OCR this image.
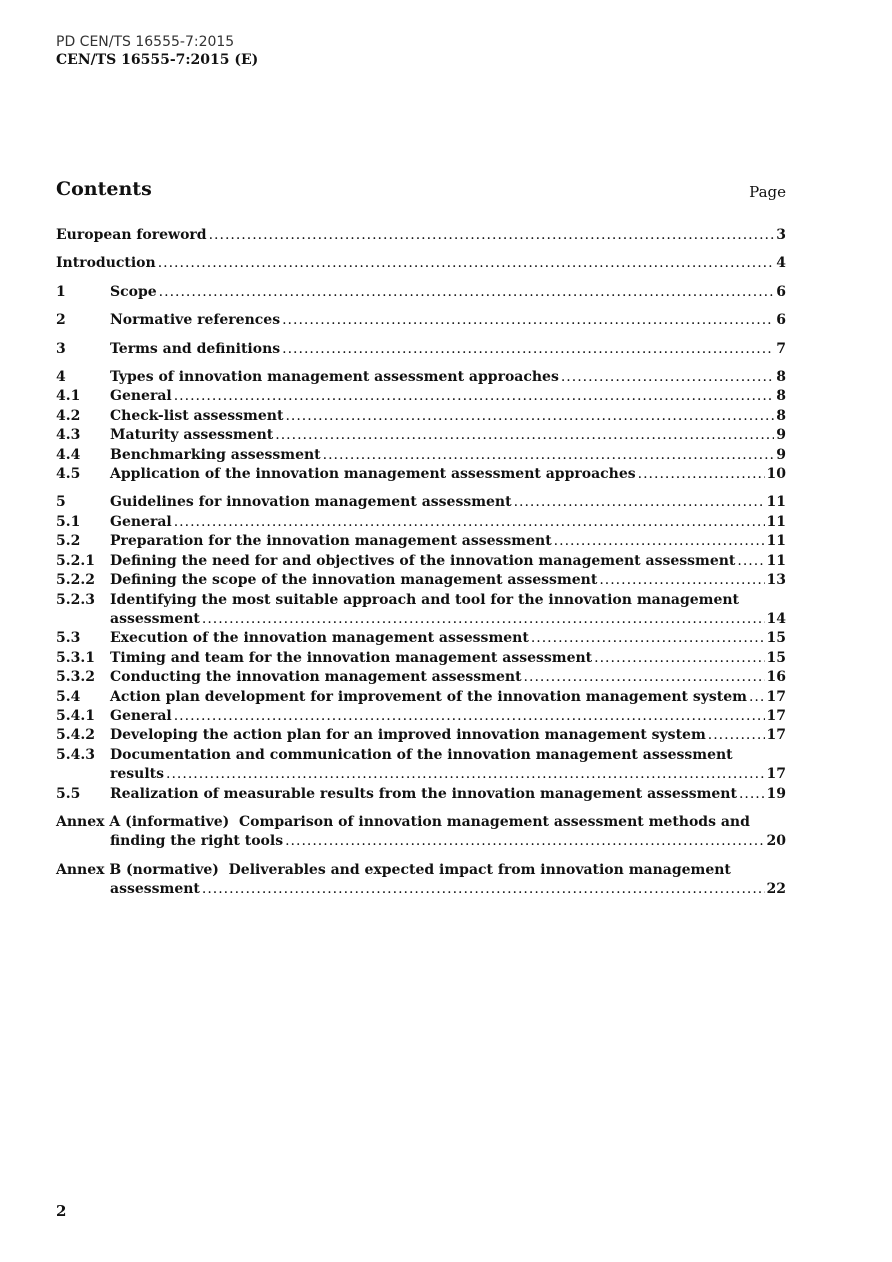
PD CEN/TS 16555-7:2015
CEN/TS 16555-7:2015 (E)
Contents	Page
European foreword .....	3
Introduction .....	4
1	Scope .....	6
2	Normative references .....	6
3	Terms and definitions .....	7
4	Types of innovation management assessment approaches .....	8
4.1	General .....	8
4.2	Check-list assessment .....	8
4.3	Maturity assessment .....	9
4.4	Benchmarking assessment .....	9
4.5	Application of the innovation management assessment approaches .....	10
5	Guidelines for innovation management assessment .....	11
5.1	General .....	11
5.2	Preparation for the innovation management assessment .....	11
5.2.1	Defining the need for and objectives of the innovation management assessment ..... 11
5.2.2	Defining the scope of the innovation management assessment .....	13
5.2.3	Identifying the most suitable approach and tool for the innovation management
assessment .....	14
5.3	Execution of the innovation management assessment .....	15
5.3.1	Timing and team for the innovation management assessment .....	15
5.3.2	Conducting the innovation management assessment .....	16
5.4	Action plan development for improvement of the innovation management system ..... 17
5.4.1	General .....	17
5.4.2	Developing the action plan for an improved innovation management system .....	17
5.4.3	Documentation and communication of the innovation management assessment
results .....	17
5.5	Realization of measurable results from the innovation management assessment ..... 19
Annex A (informative)  Comparison of innovation management assessment methods and
finding the right tools .....	20
Annex B (normative)  Deliverables and expected impact from innovation management
assessment .....	22
2
